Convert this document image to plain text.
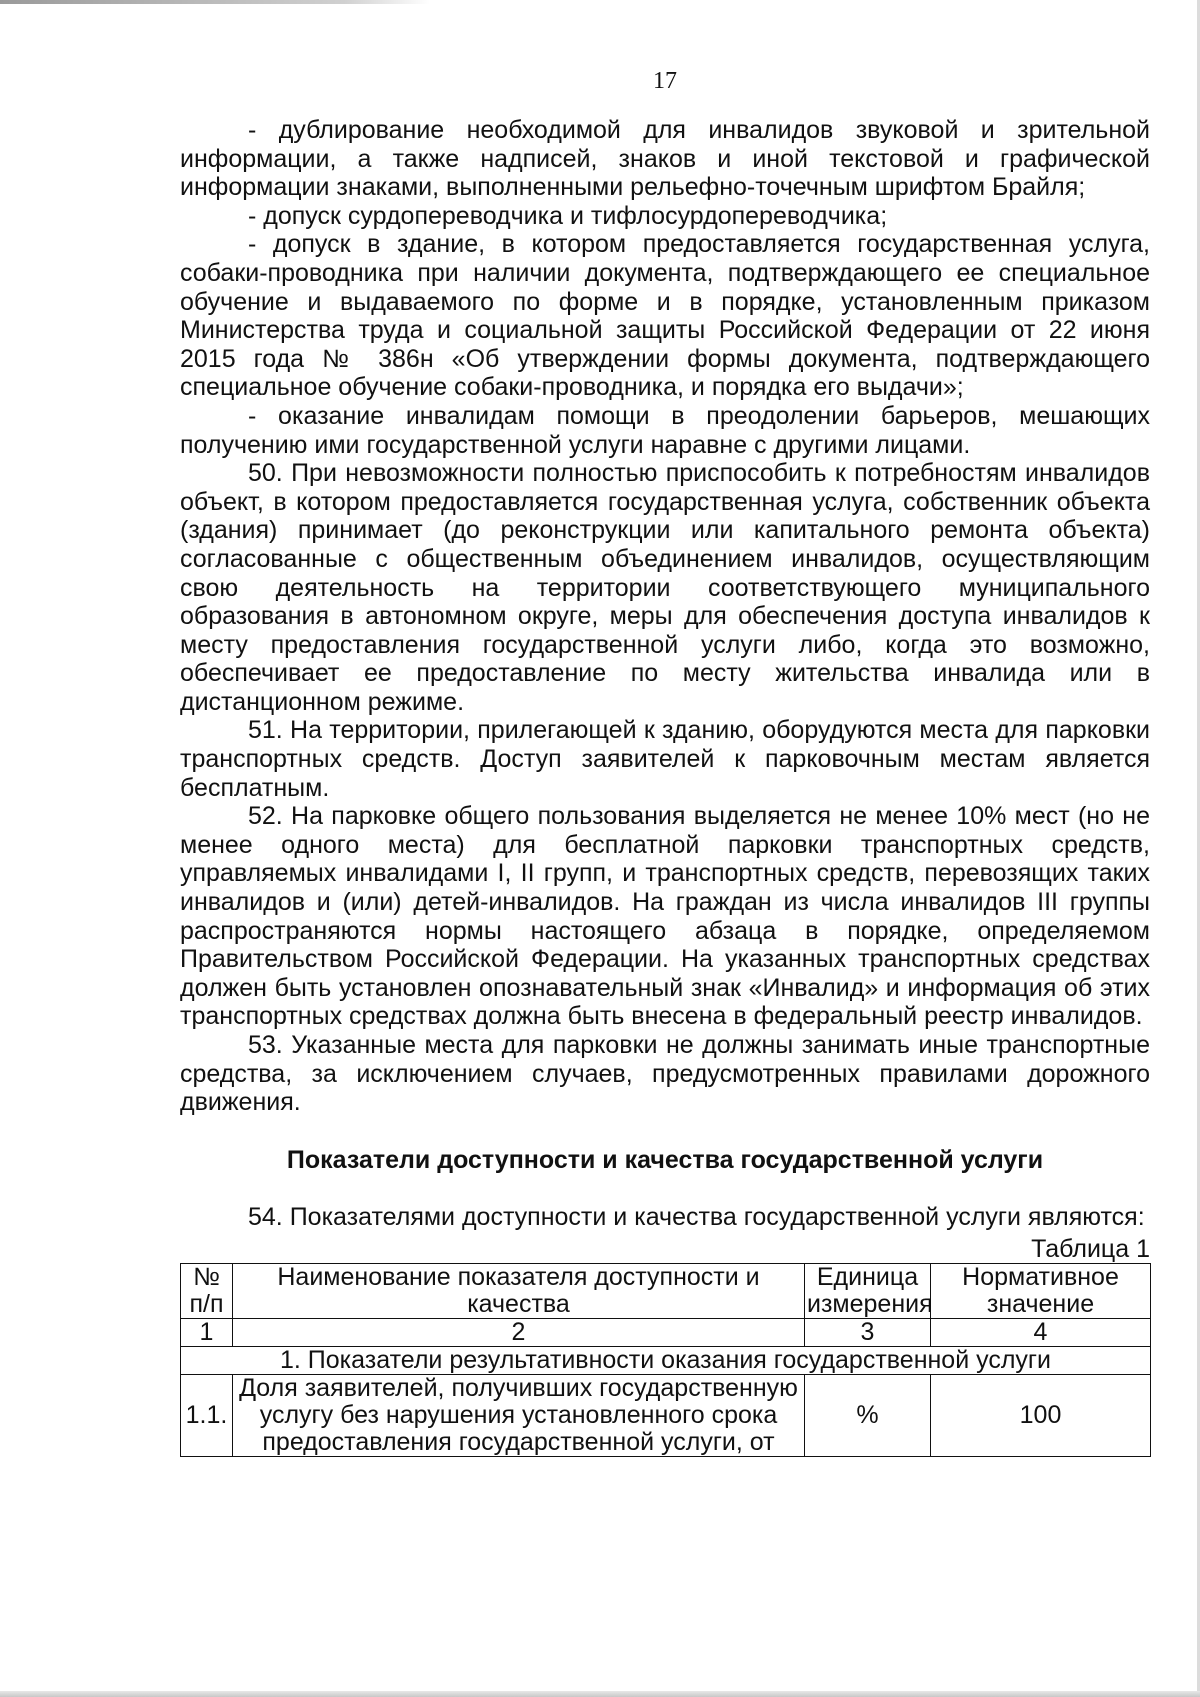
17

- дублирование необходимой для инвалидов звуковой и зрительной информации, а также надписей, знаков и иной текстовой и графической информации знаками, выполненными рельефно-точечным шрифтом Брайля;

- допуск сурдопереводчика и тифлосурдопереводчика;

- допуск в здание, в котором предоставляется государственная услуга, собаки-проводника при наличии документа, подтверждающего ее специальное обучение и выдаваемого по форме и в порядке, установленным приказом Министерства труда и социальной защиты Российской Федерации от 22 июня 2015 года № 386н «Об утверждении формы документа, подтверждающего специальное обучение собаки-проводника, и порядка его выдачи»;

- оказание инвалидам помощи в преодолении барьеров, мешающих получению ими государственной услуги наравне с другими лицами.

50. При невозможности полностью приспособить к потребностям инвалидов объект, в котором предоставляется государственная услуга, собственник объекта (здания) принимает (до реконструкции или капитального ремонта объекта) согласованные с общественным объединением инвалидов, осуществляющим свою деятельность на территории соответствующего муниципального образования в автономном округе, меры для обеспечения доступа инвалидов к месту предоставления государственной услуги либо, когда это возможно, обеспечивает ее предоставление по месту жительства инвалида или в дистанционном режиме.

51. На территории, прилегающей к зданию, оборудуются места для парковки транспортных средств. Доступ заявителей к парковочным местам является бесплатным.

52. На парковке общего пользования выделяется не менее 10% мест (но не менее одного места) для бесплатной парковки транспортных средств, управляемых инвалидами I, II групп, и транспортных средств, перевозящих таких инвалидов и (или) детей-инвалидов. На граждан из числа инвалидов III группы распространяются нормы настоящего абзаца в порядке, определяемом Правительством Российской Федерации. На указанных транспортных средствах должен быть установлен опознавательный знак «Инвалид» и информация об этих транспортных средствах должна быть внесена в федеральный реестр инвалидов.

53. Указанные места для парковки не должны занимать иные транспортные средства, за исключением случаев, предусмотренных правилами дорожного движения.

Показатели доступности и качества государственной услуги

54. Показателями доступности и качества государственной услуги являются:

Таблица 1
№ п/п	Наименование показателя доступности и качества	Единица измерения	Нормативное значение
1	2	3	4
1. Показатели результативности оказания государственной услуги			
1.1.	Доля заявителей, получивших государственную услугу без нарушения установленного срока предоставления государственной услуги, от	%	100
